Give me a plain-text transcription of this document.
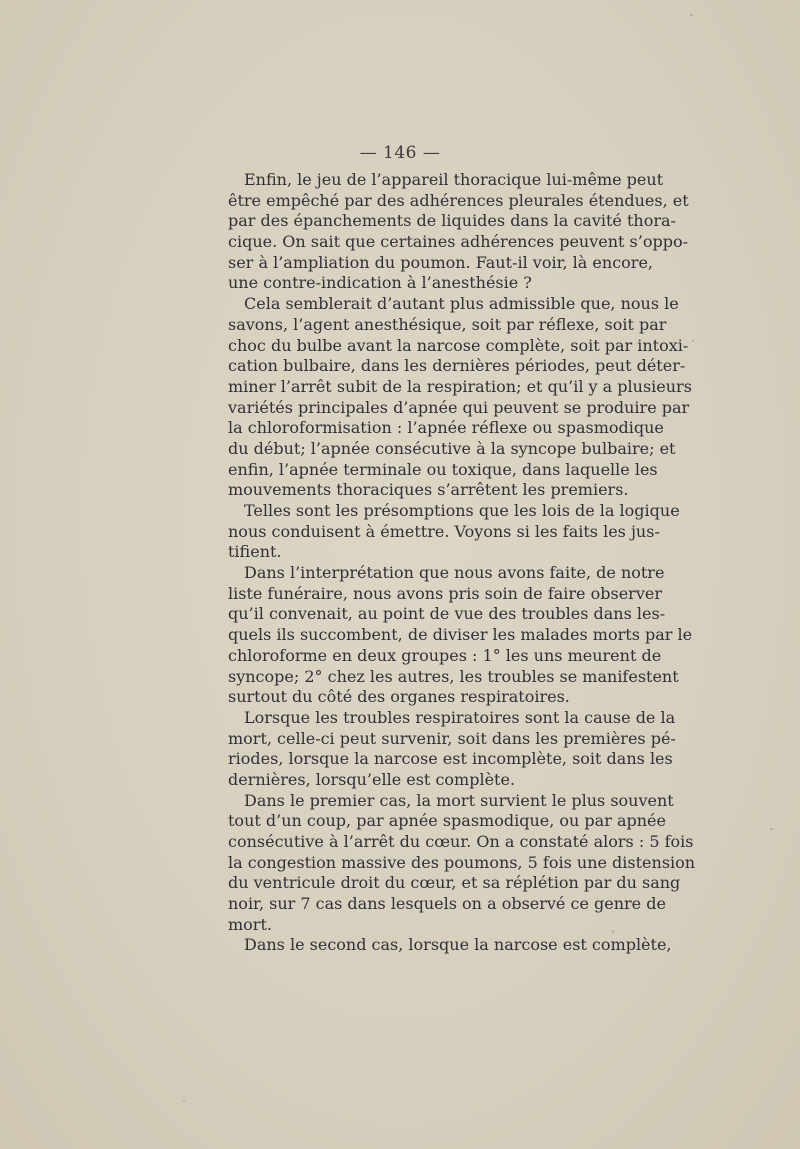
— 146 —
Enfin, le jeu de l’appareil thoracique lui-même peut
être empêché par des adhérences pleurales étendues, et
par des épanchements de liquides dans la cavité thora-
cique. On sait que certaines adhérences peuvent s’oppo-
ser à l’ampliation du poumon. Faut-il voir, là encore,
une contre-indication à l’anesthésie ?
Cela semblerait d’autant plus admissible que, nous le
savons, l’agent anesthésique, soit par réflexe, soit par
choc du bulbe avant la narcose complète, soit par intoxi-
cation bulbaire, dans les dernières périodes, peut déter-
miner l’arrêt subit de la respiration; et qu’il y a plusieurs
variétés principales d’apnée qui peuvent se produire par
la chloroformisation : l’apnée réflexe ou spasmodique
du début; l’apnée consécutive à la syncope bulbaire; et
enfin, l’apnée terminale ou toxique, dans laquelle les
mouvements thoraciques s’arrêtent les premiers.
Telles sont les présomptions que les lois de la logique
nous conduisent à émettre. Voyons si les faits les jus-
tifient.
Dans l’interprétation que nous avons faite, de notre
liste funéraire, nous avons pris soin de faire observer
qu’il convenait, au point de vue des troubles dans les-
quels ils succombent, de diviser les malades morts par le
chloroforme en deux groupes : 1° les uns meurent de
syncope; 2° chez les autres, les troubles se manifestent
surtout du côté des organes respiratoires.
Lorsque les troubles respiratoires sont la cause de la
mort, celle-ci peut survenir, soit dans les premières pé-
riodes, lorsque la narcose est incomplète, soit dans les
dernières, lorsqu’elle est complète.
Dans le premier cas, la mort survient le plus souvent
tout d’un coup, par apnée spasmodique, ou par apnée
consécutive à l’arrêt du cœur. On a constaté alors : 5 fois
la congestion massive des poumons, 5 fois une distension
du ventricule droit du cœur, et sa réplétion par du sang
noir, sur 7 cas dans lesquels on a observé ce genre de
mort.
Dans le second cas, lorsque la narcose est complète,
